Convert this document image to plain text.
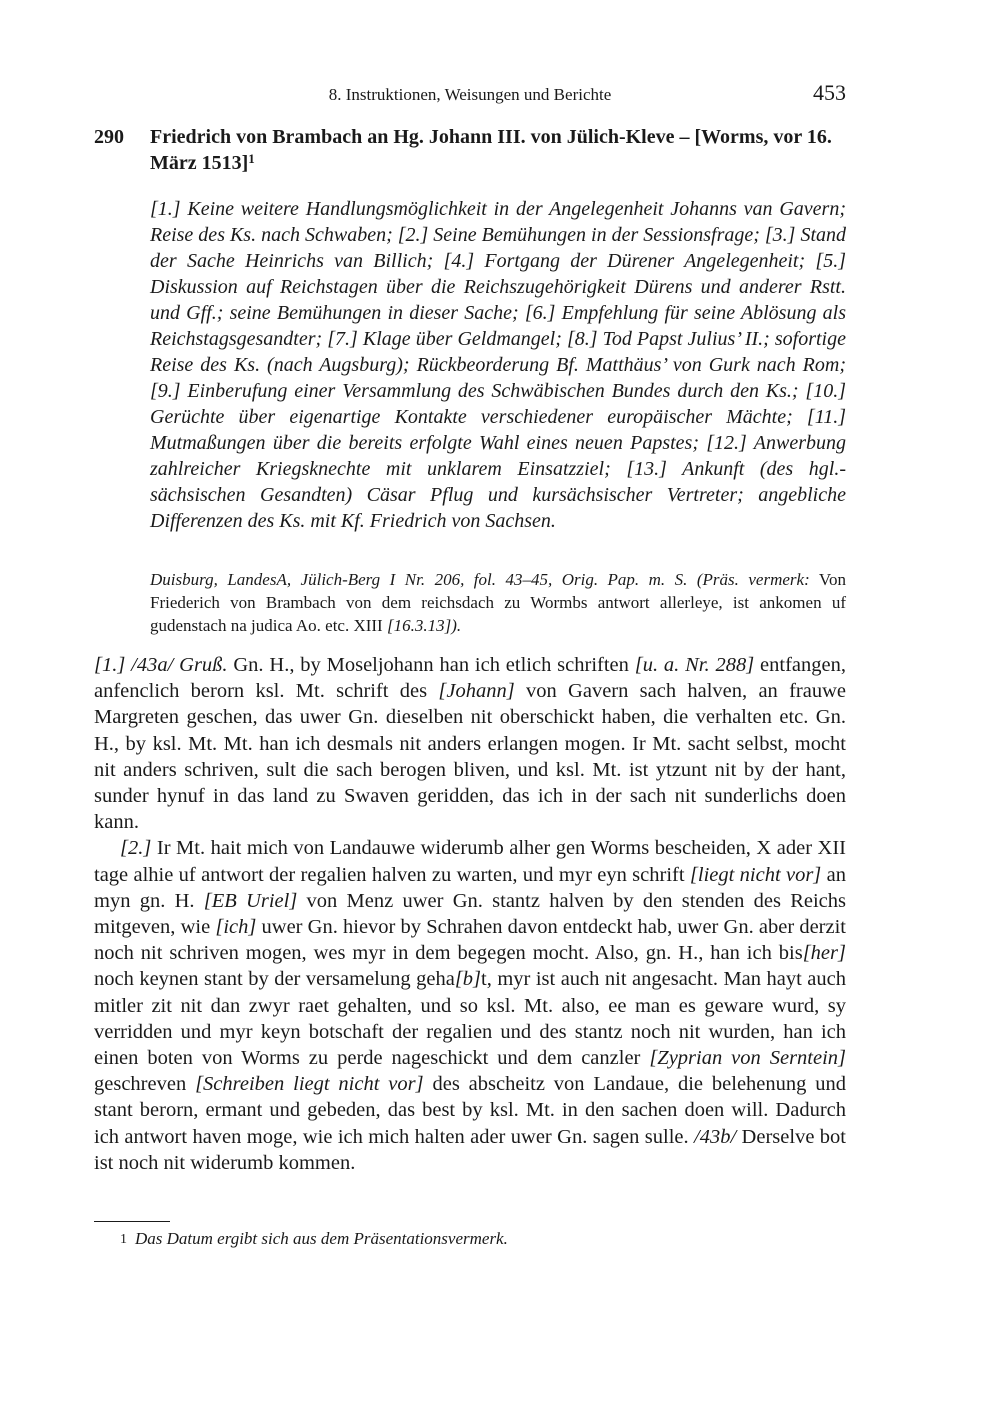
8. Instruktionen, Weisungen und Berichte	453
290 Friedrich von Brambach an Hg. Johann III. von Jülich-Kleve – [Worms, vor 16. März 1513]$^1$
[1.] Keine weitere Handlungsmöglichkeit in der Angelegenheit Johanns van Gavern; Reise des Ks. nach Schwaben; [2.] Seine Bemühungen in der Sessionsfrage; [3.] Stand der Sache Heinrichs van Billich; [4.] Fortgang der Dürener Angelegenheit; [5.] Diskussion auf Reichstagen über die Reichszugehörigkeit Dürens und anderer Rstt. und Gff.; seine Bemühungen in dieser Sache; [6.] Empfehlung für seine Ablösung als Reichstagsgesandter; [7.] Klage über Geldmangel; [8.] Tod Papst Julius’ II.; sofortige Reise des Ks. (nach Augsburg); Rückbeorderung Bf. Matthäus’ von Gurk nach Rom; [9.] Einberufung einer Versammlung des Schwäbischen Bundes durch den Ks.; [10.] Gerüchte über eigenartige Kontakte verschiedener europäischer Mächte; [11.] Mutmaßungen über die bereits erfolgte Wahl eines neuen Papstes; [12.] Anwerbung zahlreicher Kriegsknechte mit unklarem Einsatzziel; [13.] Ankunft (des hgl.-sächsischen Gesandten) Cäsar Pflug und kursächsischer Vertreter; angebliche Differenzen des Ks. mit Kf. Friedrich von Sachsen.
Duisburg, LandesA, Jülich-Berg I Nr. 206, fol. 43–45, Orig. Pap. m. S. (Präs. vermerk: Von Friederich von Brambach von dem reichsdach zu Wormbs antwort allerleye, ist ankomen uf gudenstach na judica Ao. etc. XIII [16.3.13]).

[1.] /43a/ Gruß. Gn. H., by Moseljohann han ich etlich schriften [u. a. Nr. 288] entfangen, anfenclich berorn ksl. Mt. schrift des [Johann] von Gavern sach halven, an frauwe Margreten geschen, das uwer Gn. dieselben nit oberschickt haben, die verhalten etc. Gn. H., by ksl. Mt. Mt. han ich desmals nit anders erlangen mogen. Ir Mt. sacht selbst, mocht nit anders schriven, sult die sach berogen bliven, und ksl. Mt. ist ytzunt nit by der hant, sunder hynuf in das land zu Swaven geridden, das ich in der sach nit sunderlichs doen kann.

[2.] Ir Mt. hait mich von Landauwe widerumb alher gen Worms bescheiden, X ader XII tage alhie uf antwort der regalien halven zu warten, und myr eyn schrift [liegt nicht vor] an myn gn. H. [EB Uriel] von Menz uwer Gn. stantz halven by den stenden des Reichs mitgeven, wie [ich] uwer Gn. hievor by Schrahen davon entdeckt hab, uwer Gn. aber derzit noch nit schriven mogen, wes myr in dem begegen mocht. Also, gn. H., han ich bis[her] noch keynen stant by der versamelung geha[b]t, myr ist auch nit angesacht. Man hayt auch mitler zit nit dan zwyr raet gehalten, und so ksl. Mt. also, ee man es geware wurd, sy verridden und myr keyn botschaft der regalien und des stantz noch nit wurden, han ich einen boten von Worms zu perde nageschickt und dem canzler [Zyprian von Serntein] geschreven [Schreiben liegt nicht vor] des abscheitz von Landaue, die belehenung und stant berorn, ermant und gebeden, das best by ksl. Mt. in den sachen doen will. Dadurch ich antwort haven moge, wie ich mich halten ader uwer Gn. sagen sulle. /43b/ Derselve bot ist noch nit widerumb kommen.

1 Das Datum ergibt sich aus dem Präsentationsvermerk.
